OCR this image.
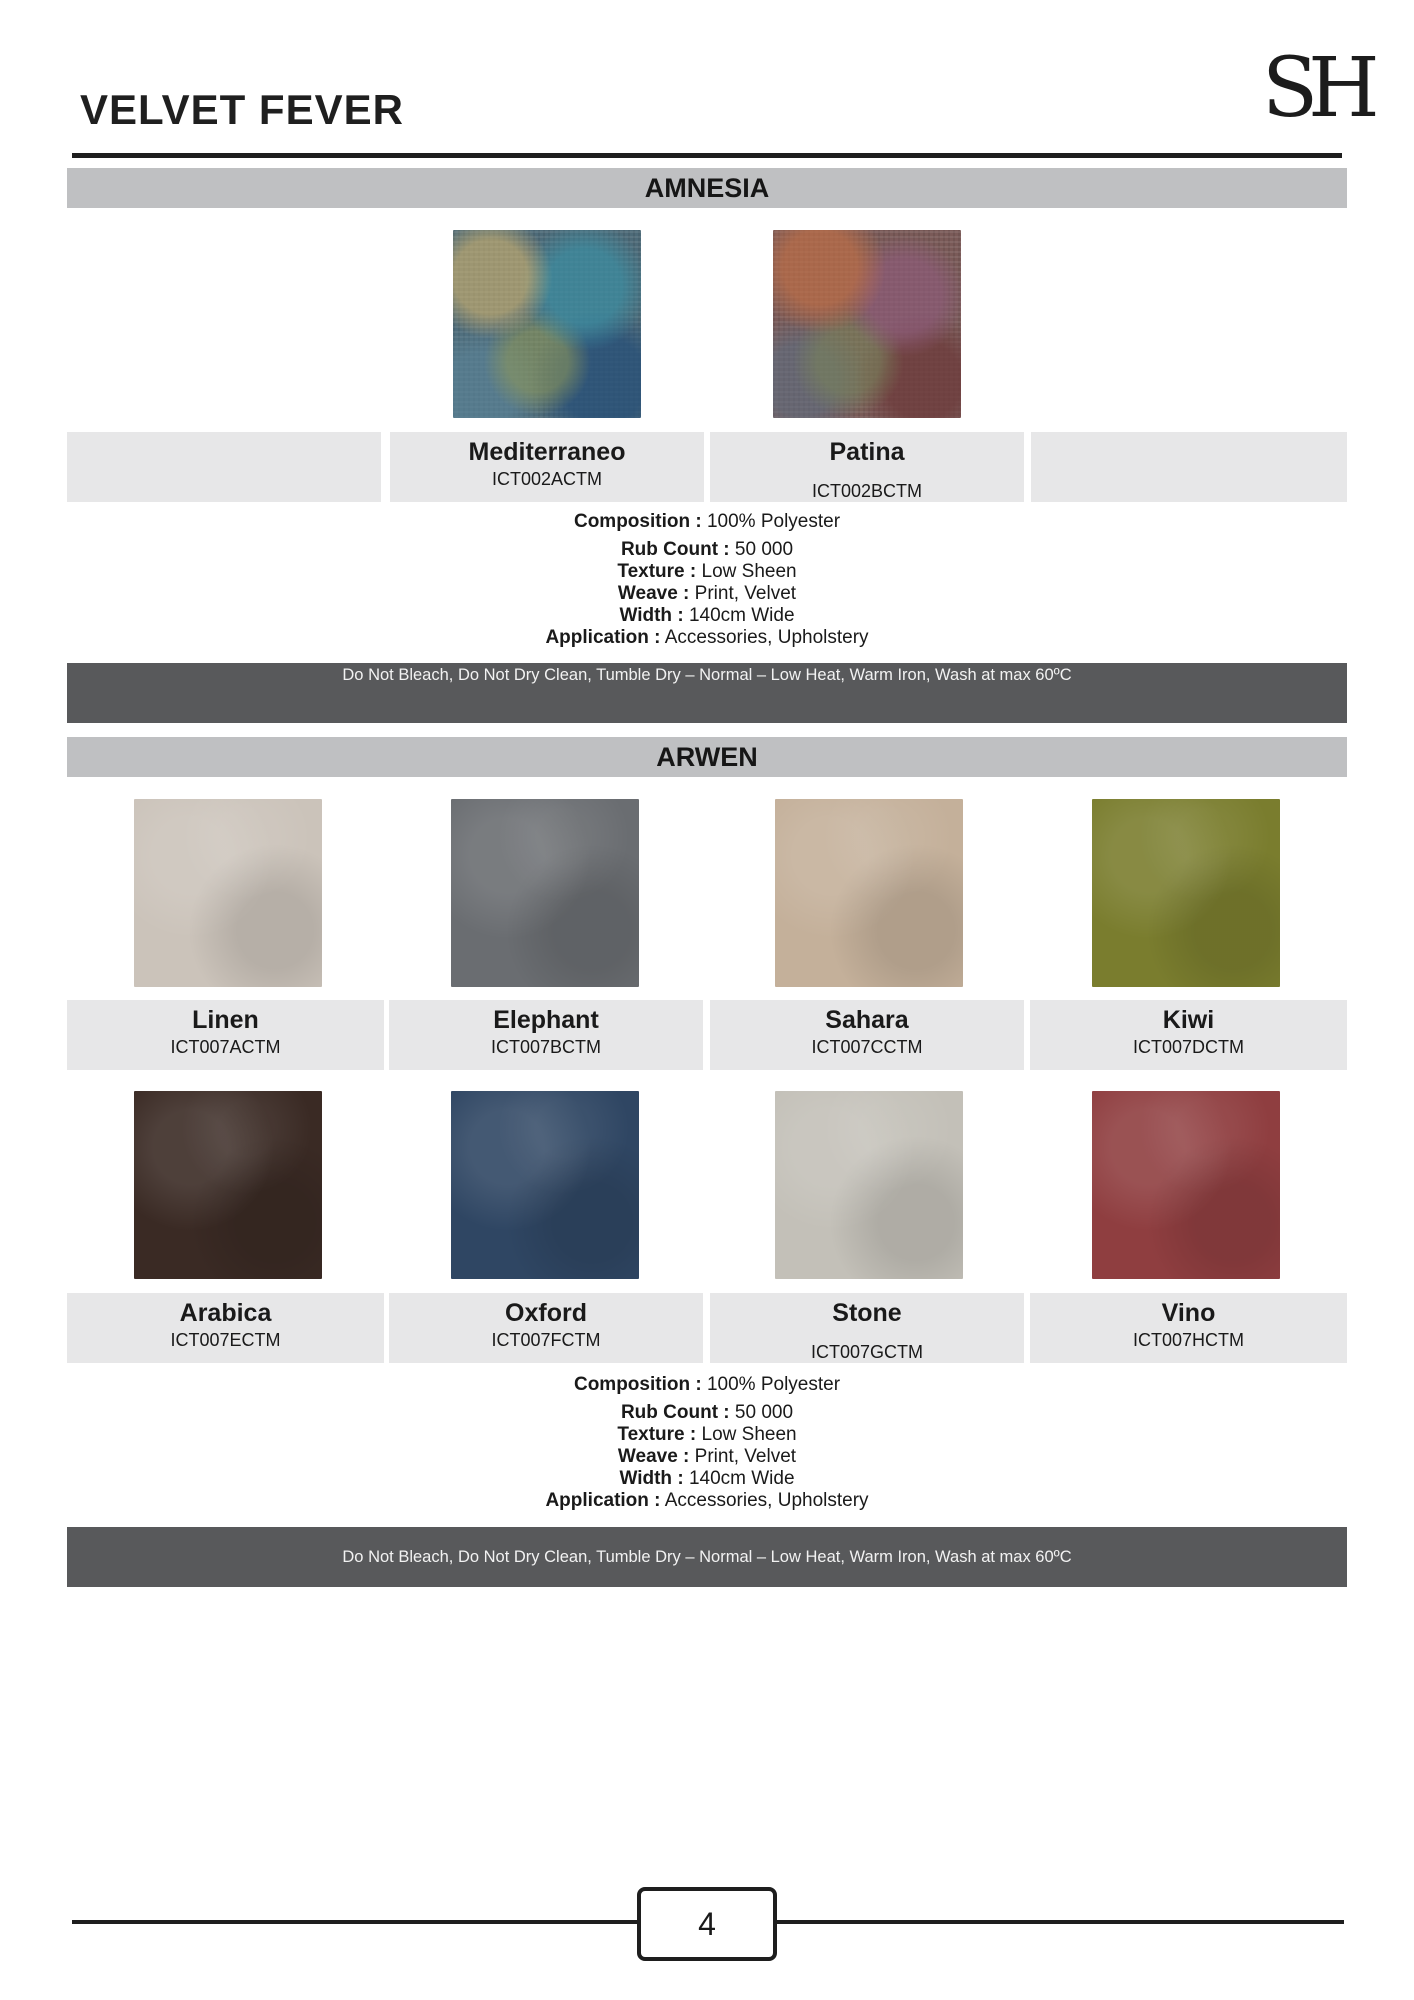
VELVET FEVER	SH
AMNESIA
Mediterraneo
ICT002ACTM
Patina
ICT002BCTM
Composition : 100% Polyester
Rub Count : 50 000
Texture : Low Sheen
Weave : Print, Velvet
Width : 140cm Wide
Application : Accessories, Upholstery
Do Not Bleach, Do Not Dry Clean, Tumble Dry – Normal – Low Heat, Warm Iron, Wash at max 60ºC
ARWEN
Linen
ICT007ACTM
Elephant
ICT007BCTM
Sahara
ICT007CCTM
Kiwi
ICT007DCTM
Arabica
ICT007ECTM
Oxford
ICT007FCTM
Stone
ICT007GCTM
Vino
ICT007HCTM
Composition : 100% Polyester
Rub Count : 50 000
Texture : Low Sheen
Weave : Print, Velvet
Width : 140cm Wide
Application : Accessories, Upholstery
Do Not Bleach, Do Not Dry Clean, Tumble Dry – Normal – Low Heat, Warm Iron, Wash at max 60ºC
4
